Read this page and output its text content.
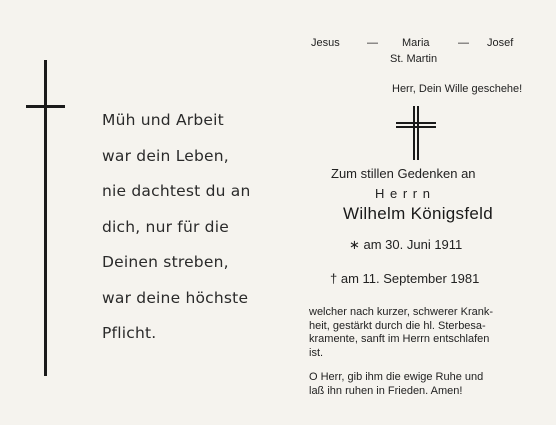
Müh und Arbeit
war dein Leben,
nie dachtest du an
dich, nur für die
Deinen streben,
war deine höchste
Pflicht.
Jesus — Maria	— Josef
St. Martin
Herr, Dein Wille geschehe!
Zum stillen Gedenken an
H e r r n
Wilhelm Königsfeld
∗ am 30. Juni 1911
† am 11. September 1981
welcher nach kurzer, schwerer Krank-
heit, gestärkt durch die hl. Sterbesa-
kramente, sanft im Herrn entschlafen
ist.
O Herr, gib ihm die ewige Ruhe und
laß ihn ruhen in Frieden. Amen!
